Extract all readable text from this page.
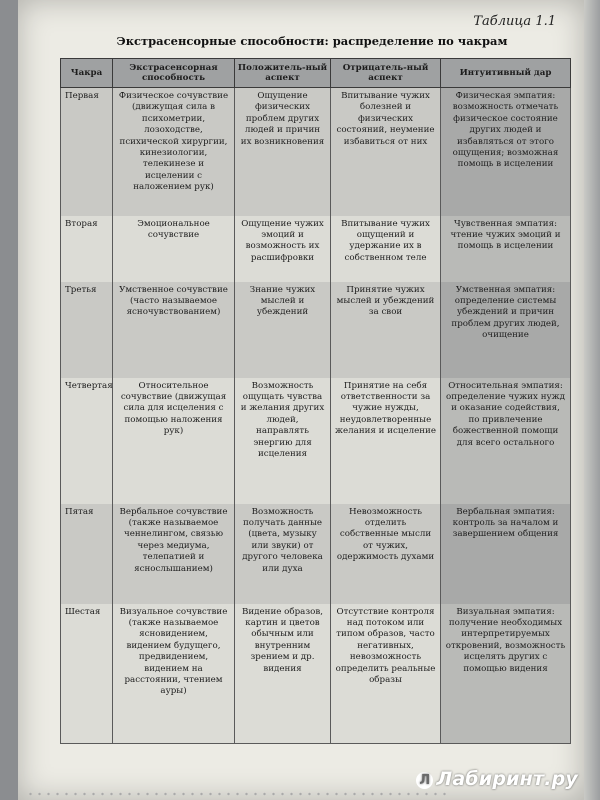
Таблица 1.1
Экстрасенсорные способности: распределение по чакрам
Чакра	Экстрасенсорная способность	Положитель-ный аспект	Отрицатель-ный аспект	Интуитивный дар
Первая	Физическое сочувствие (движущая сила в психометрии, лозоходстве, психической хирургии, кинезиологии, телекинезе и исцелении с наложением рук)	Ощущение физических проблем других людей и причин их возникновения	Впитывание чужих болезней и физических состояний, неумение избавиться от них	Физическая эмпатия: возможность отмечать физическое состояние других людей и избавляться от этого ощущения; возможная помощь в исцелении
Вторая	Эмоциональное сочувствие	Ощущение чужих эмоций и возможность их расшифровки	Впитывание чужих ощущений и удержание их в собственном теле	Чувственная эмпатия: чтение чужих эмоций и помощь в исцелении
Третья	Умственное сочувствие (часто называемое ясночувствованием)	Знание чужих мыслей и убеждений	Принятие чужих мыслей и убеждений за свои	Умственная эмпатия: определение системы убеждений и причин проблем других людей, очищение
Четвертая	Относительное сочувствие (движущая сила для исцеления с помощью наложения рук)	Возможность ощущать чувства и желания других людей, направлять энергию для исцеления	Принятие на себя ответственности за чужие нужды, неудовлетворенные желания и исцеление	Относительная эмпатия: определение чужих нужд и оказание содействия, по привлечение божественной помощи для всего остального
Пятая	Вербальное сочувствие (также называемое ченнелингом, связью через медиума, телепатией и яснослышанием)	Возможность получать данные (цвета, музыку или звуки) от другого человека или духа	Невозможность отделить собственные мысли от чужих, одержимость духами	Вербальная эмпатия: контроль за началом и завершением общения
Шестая	Визуальное сочувствие (также называемое ясновидением, видением будущего, предвидением, видением на расстоянии, чтением ауры)	Видение образов, картин и цветов обычным или внутренним зрением и др. видения	Отсутствие контроля над потоком или типом образов, часто негативных, невозможность определить реальные образы	Визуальная эмпатия: получение необходимых интерпретируемых откровений, возможность исцелять других с помощью видения
Л Лабиринт.ру
